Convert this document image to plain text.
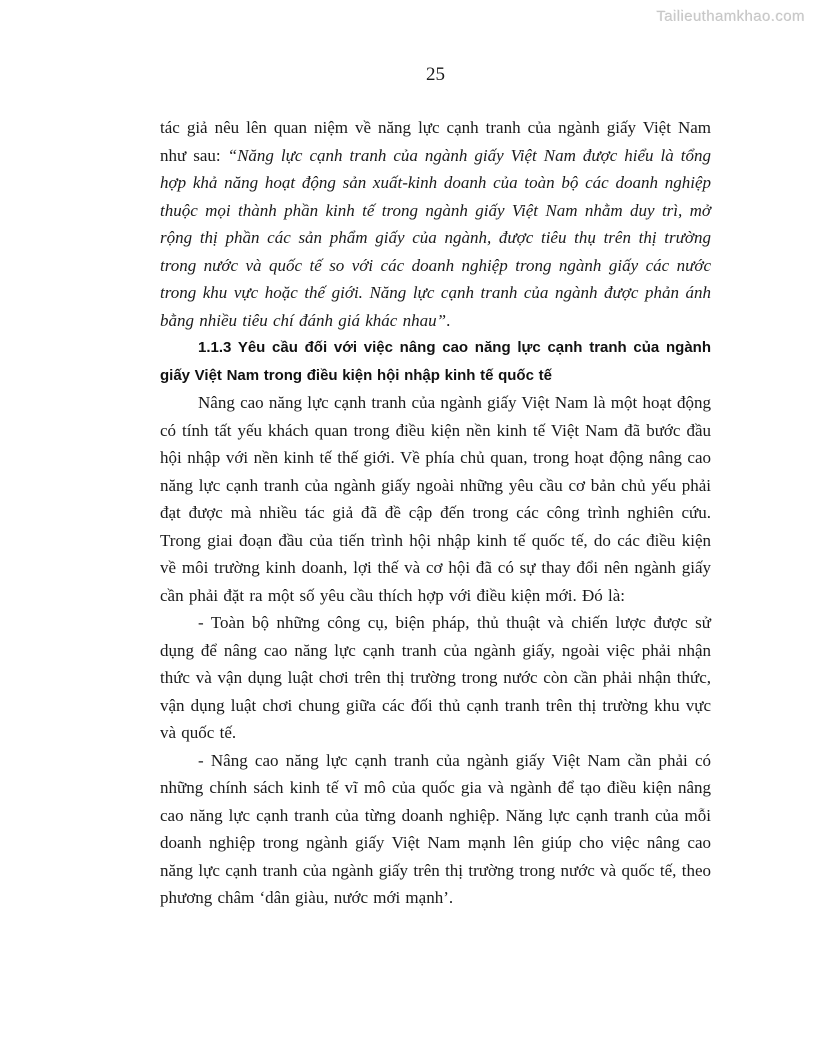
Tailieuthamkhao.com
25

tác giả nêu lên quan niệm về năng lực cạnh tranh của ngành giấy Việt Nam như sau: “Năng lực cạnh tranh của ngành giấy Việt Nam được hiểu là tổng hợp khả năng hoạt động sản xuất-kinh doanh của toàn bộ các doanh nghiệp thuộc mọi thành phần kinh tế trong ngành giấy Việt Nam nhằm duy trì, mở rộng thị phần các sản phẩm giấy của ngành, được tiêu thụ trên thị trường trong nước và quốc tế so với các doanh nghiệp trong ngành giấy các nước trong khu vực hoặc thế giới. Năng lực cạnh tranh của ngành được phản ánh bằng nhiều tiêu chí đánh giá khác nhau”.

1.1.3 Yêu cầu đối với việc nâng cao năng lực cạnh tranh của ngành giấy Việt Nam trong điều kiện hội nhập kinh tế quốc tế

Nâng cao năng lực cạnh tranh của ngành giấy Việt Nam là một hoạt động có tính tất yếu khách quan trong điều kiện nền kinh tế Việt Nam đã bước đầu hội nhập với nền kinh tế thế giới. Về phía chủ quan, trong hoạt động nâng cao năng lực cạnh tranh của ngành giấy ngoài những yêu cầu cơ bản chủ yếu phải đạt được mà nhiều tác giả đã đề cập đến trong các công trình nghiên cứu. Trong giai đoạn đầu của tiến trình hội nhập kinh tế quốc tế, do các điều kiện về môi trường kinh doanh, lợi thế và cơ hội đã có sự thay đổi nên ngành giấy cần phải đặt ra một số yêu cầu thích hợp với điều kiện mới. Đó là:

- Toàn bộ những công cụ, biện pháp, thủ thuật và chiến lược được sử dụng để nâng cao năng lực cạnh tranh của ngành giấy, ngoài việc phải nhận thức và vận dụng luật chơi trên thị trường trong nước còn cần phải nhận thức, vận dụng luật chơi chung giữa các đối thủ cạnh tranh trên thị trường khu vực và quốc tế.

- Nâng cao năng lực cạnh tranh của ngành giấy Việt Nam cần phải có những chính sách kinh tế vĩ mô của quốc gia và ngành để tạo điều kiện nâng cao năng lực cạnh tranh của từng doanh nghiệp. Năng lực cạnh tranh của mỗi doanh nghiệp trong ngành giấy Việt Nam mạnh lên giúp cho việc nâng cao năng lực cạnh tranh của ngành giấy trên thị trường trong nước và quốc tế, theo phương châm ‘dân giàu, nước mới mạnh’.
